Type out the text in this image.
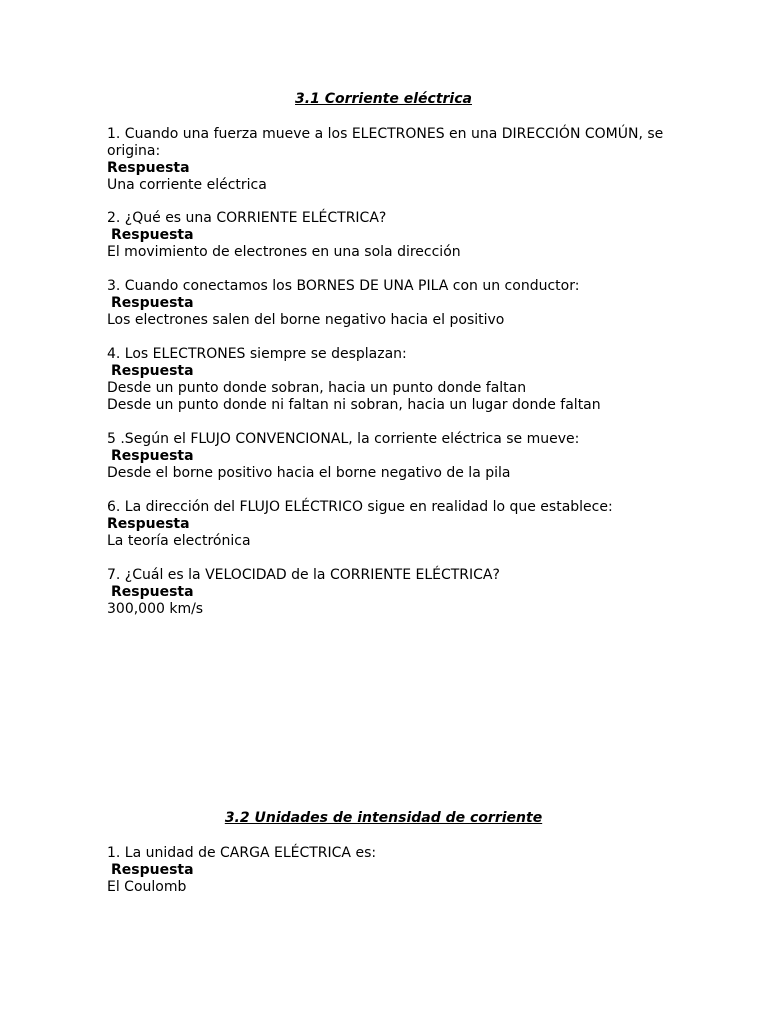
3.1 Corriente eléctrica

1. Cuando una fuerza mueve a los ELECTRONES en una DIRECCIÓN COMÚN, se origina:

Respuesta

Una corriente eléctrica

2. ¿Qué es una CORRIENTE ELÉCTRICA?

Respuesta

El movimiento de electrones en una sola dirección

3. Cuando conectamos los BORNES DE UNA PILA con un conductor:

Respuesta

Los electrones salen del borne negativo hacia el positivo

4. Los ELECTRONES siempre se desplazan:

Respuesta

Desde un punto donde sobran, hacia un punto donde faltan

Desde un punto donde ni faltan ni sobran, hacia un lugar donde faltan

5 .Según el FLUJO CONVENCIONAL, la corriente eléctrica se mueve:

Respuesta

Desde el borne positivo hacia el borne negativo de la pila

6. La dirección del FLUJO ELÉCTRICO sigue en realidad lo que establece:

Respuesta

La teoría electrónica

7. ¿Cuál es la VELOCIDAD de la CORRIENTE ELÉCTRICA?

Respuesta

300,000 km/s

3.2 Unidades de intensidad de corriente

1. La unidad de CARGA ELÉCTRICA es:

Respuesta

El Coulomb
